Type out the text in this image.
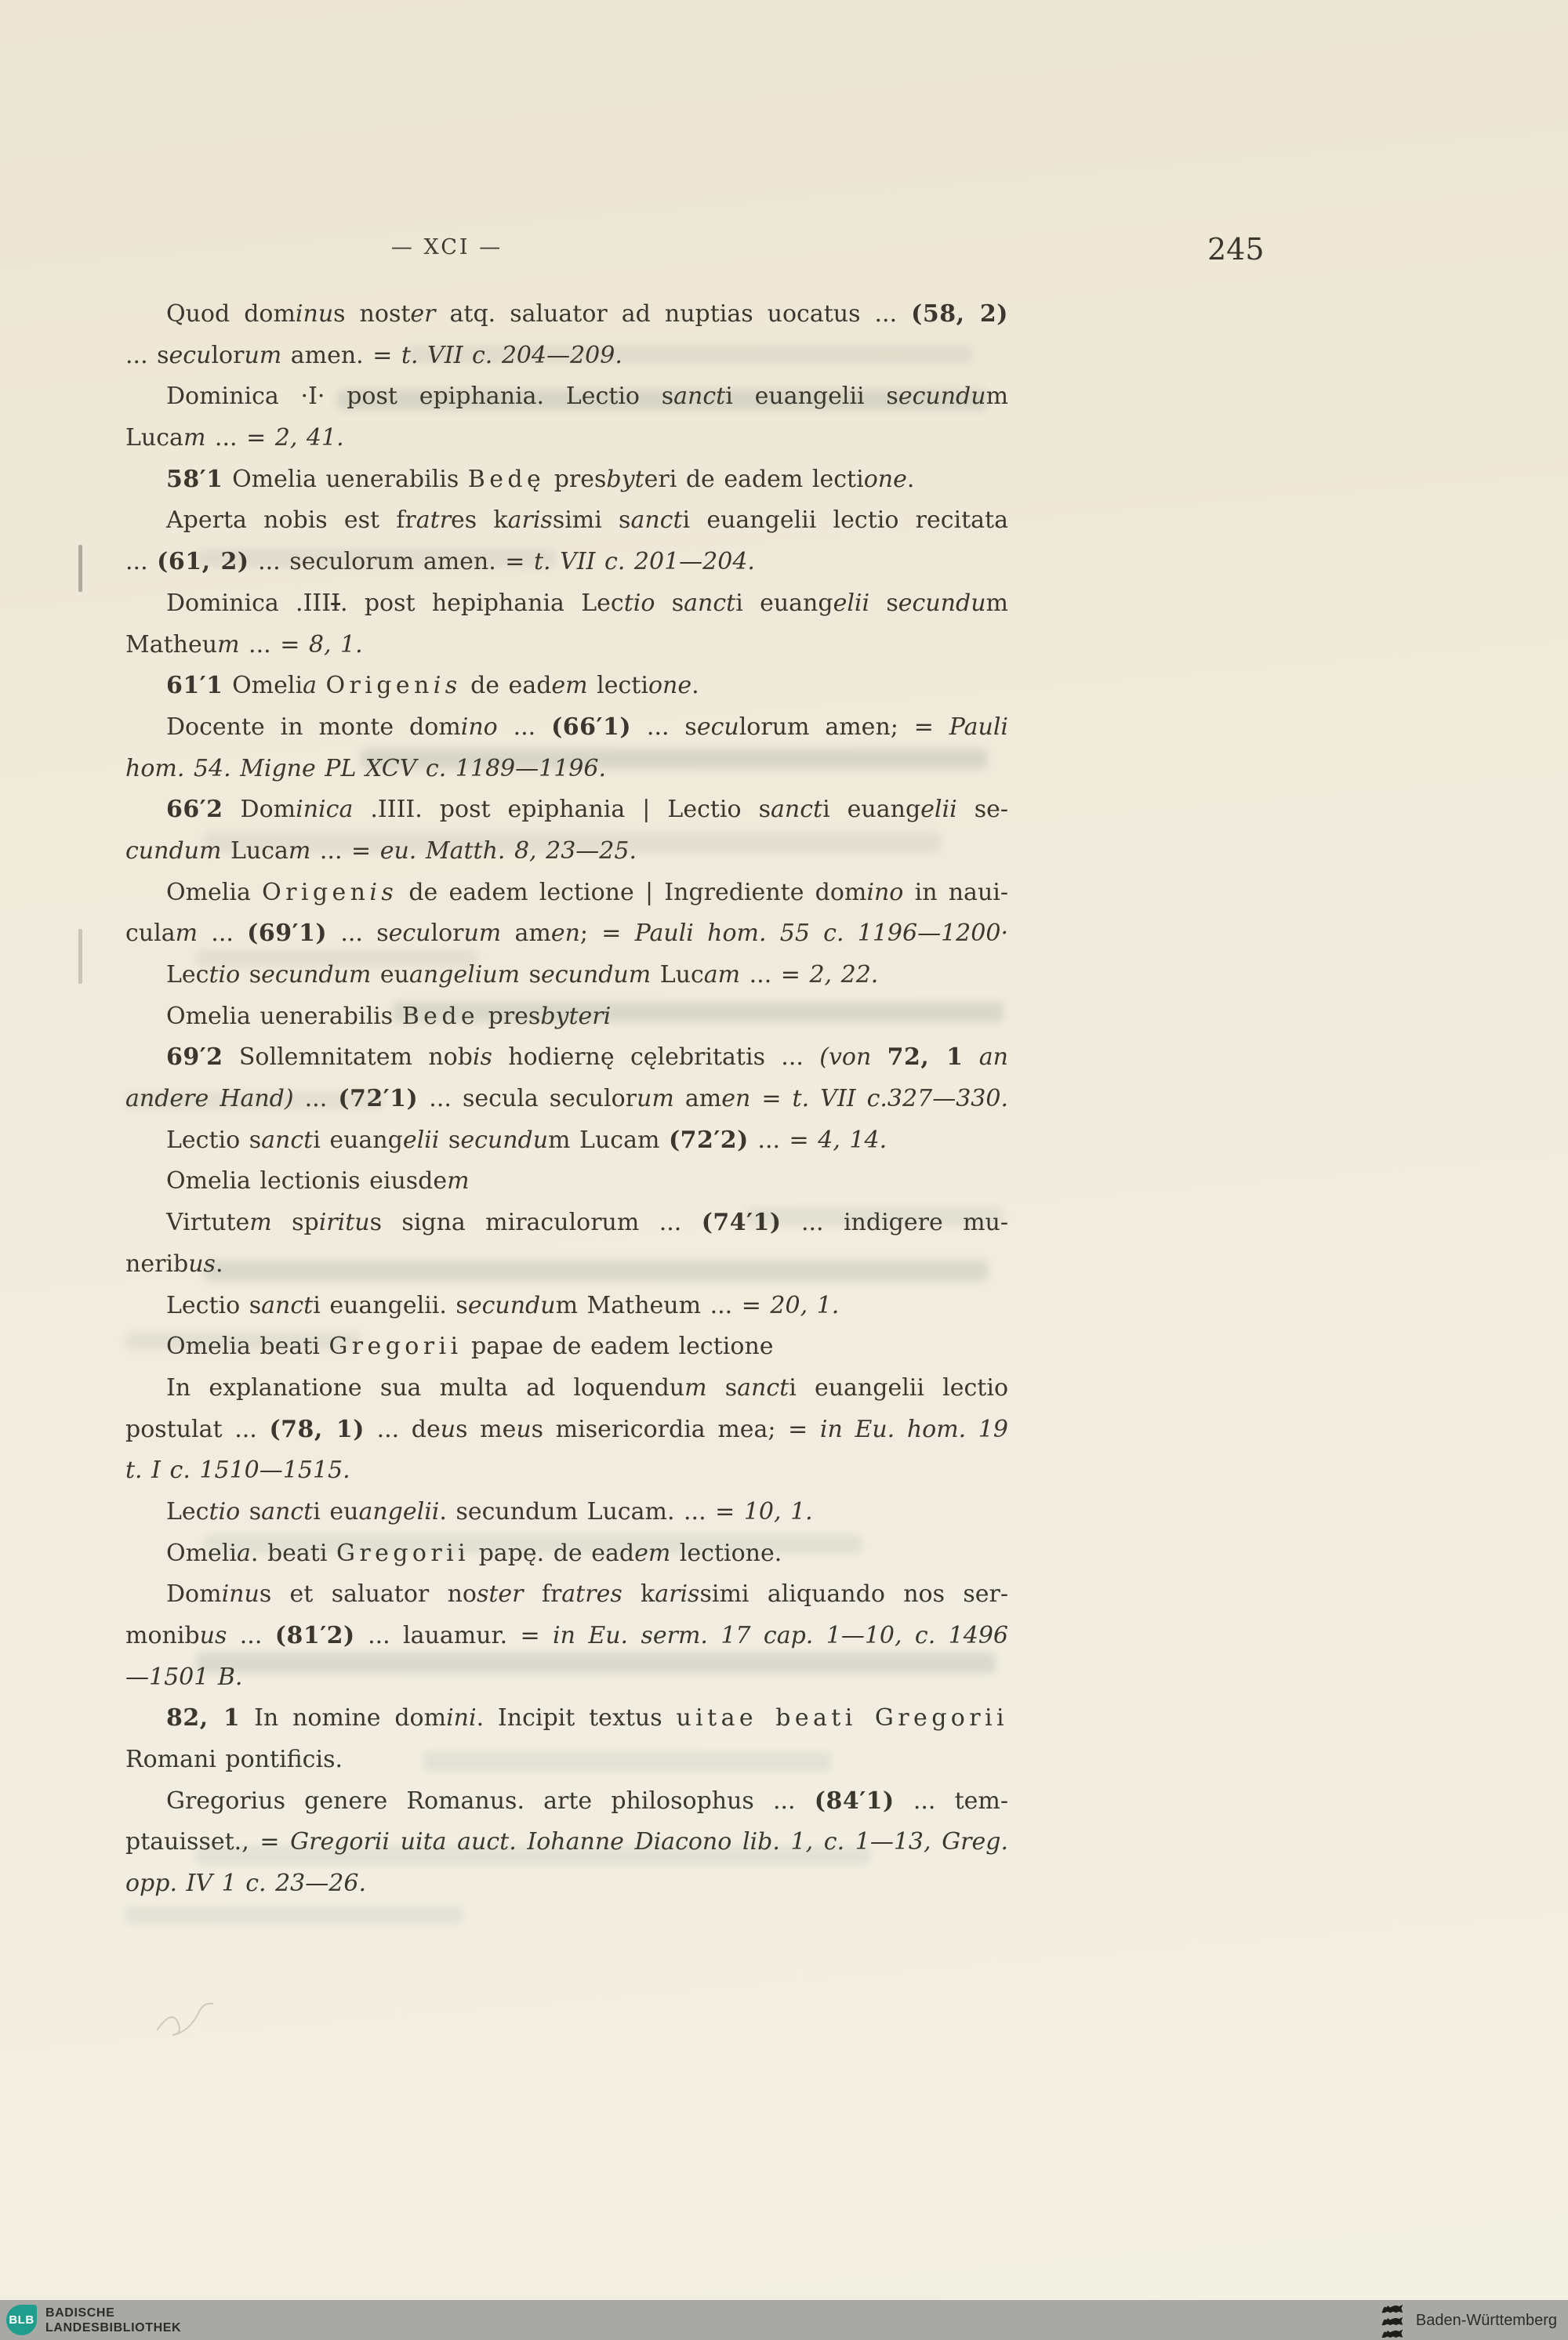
— XCI —	245
Quod dominus noster atq. saluator ad nuptias uocatus ... (58, 2)
... seculorum amen. = t. VII c. 204—209.
Dominica ·I· post epiphania. Lectio sancti euangelii secundum
Lucam ... = 2, 41.
58′1 Omelia uenerabilis Bedę presbyteri de eadem lectione.
Aperta nobis est fratres karissimi sancti euangelii lectio recitata
... (61, 2) ... seculorum amen. = t. VII c. 201—204.
Dominica .IIII. post hepiphania Lectio sancti euangelii secundum
Matheum ... = 8, 1.
61′1 Omelia Origenis de eadem lectione.
Docente in monte domino ... (66′1) ... seculorum amen; = Pauli
hom. 54. Migne PL XCV c. 1189—1196.
66′2 Dominica .IIII. post epiphania | Lectio sancti euangelii se-
cundum Lucam ... = eu. Matth. 8, 23—25.
Omelia Origenis de eadem lectione | Ingrediente domino in naui-
culam ... (69′1) ... seculorum amen; = Pauli hom. 55 c. 1196—1200·
Lectio secundum euangelium secundum Lucam ... = 2, 22.
Omelia uenerabilis Bede presbyteri
69′2 Sollemnitatem nobis hodiernę cęlebritatis ... (von 72, 1 an
andere Hand) ... (72′1) ... secula seculorum amen = t. VII c.327—330.
Lectio sancti euangelii secundum Lucam (72′2) ... = 4, 14.
Omelia lectionis eiusdem
Virtutem spiritus signa miraculorum ... (74′1) ... indigere mu-
neribus.
Lectio sancti euangelii. secundum Matheum ... = 20, 1.
Omelia beati Gregorii papae de eadem lectione
In explanatione sua multa ad loquendum sancti euangelii lectio
postulat ... (78, 1) ... deus meus misericordia mea; = in Eu. hom. 19
t. I c. 1510—1515.
Lectio sancti euangelii. secundum Lucam. ... = 10, 1.
Omelia. beati Gregorii papę. de eadem lectione.
Dominus et saluator noster fratres karissimi aliquando nos ser-
monibus ... (81′2) ... lauamur. = in Eu. serm. 17 cap. 1—10, c. 1496
—1501 B.
82, 1 In nomine domini. Incipit textus uitae beati Gregorii
Romani pontificis.
Gregorius genere Romanus. arte philosophus ... (84′1) ... tem-
ptauisset., = Gregorii uita auct. Iohanne Diacono lib. 1, c. 1—13, Greg.
opp. IV 1 c. 23—26.
BLB
BADISCHE
LANDESBIBLIOTHEK	Baden-Württemberg
